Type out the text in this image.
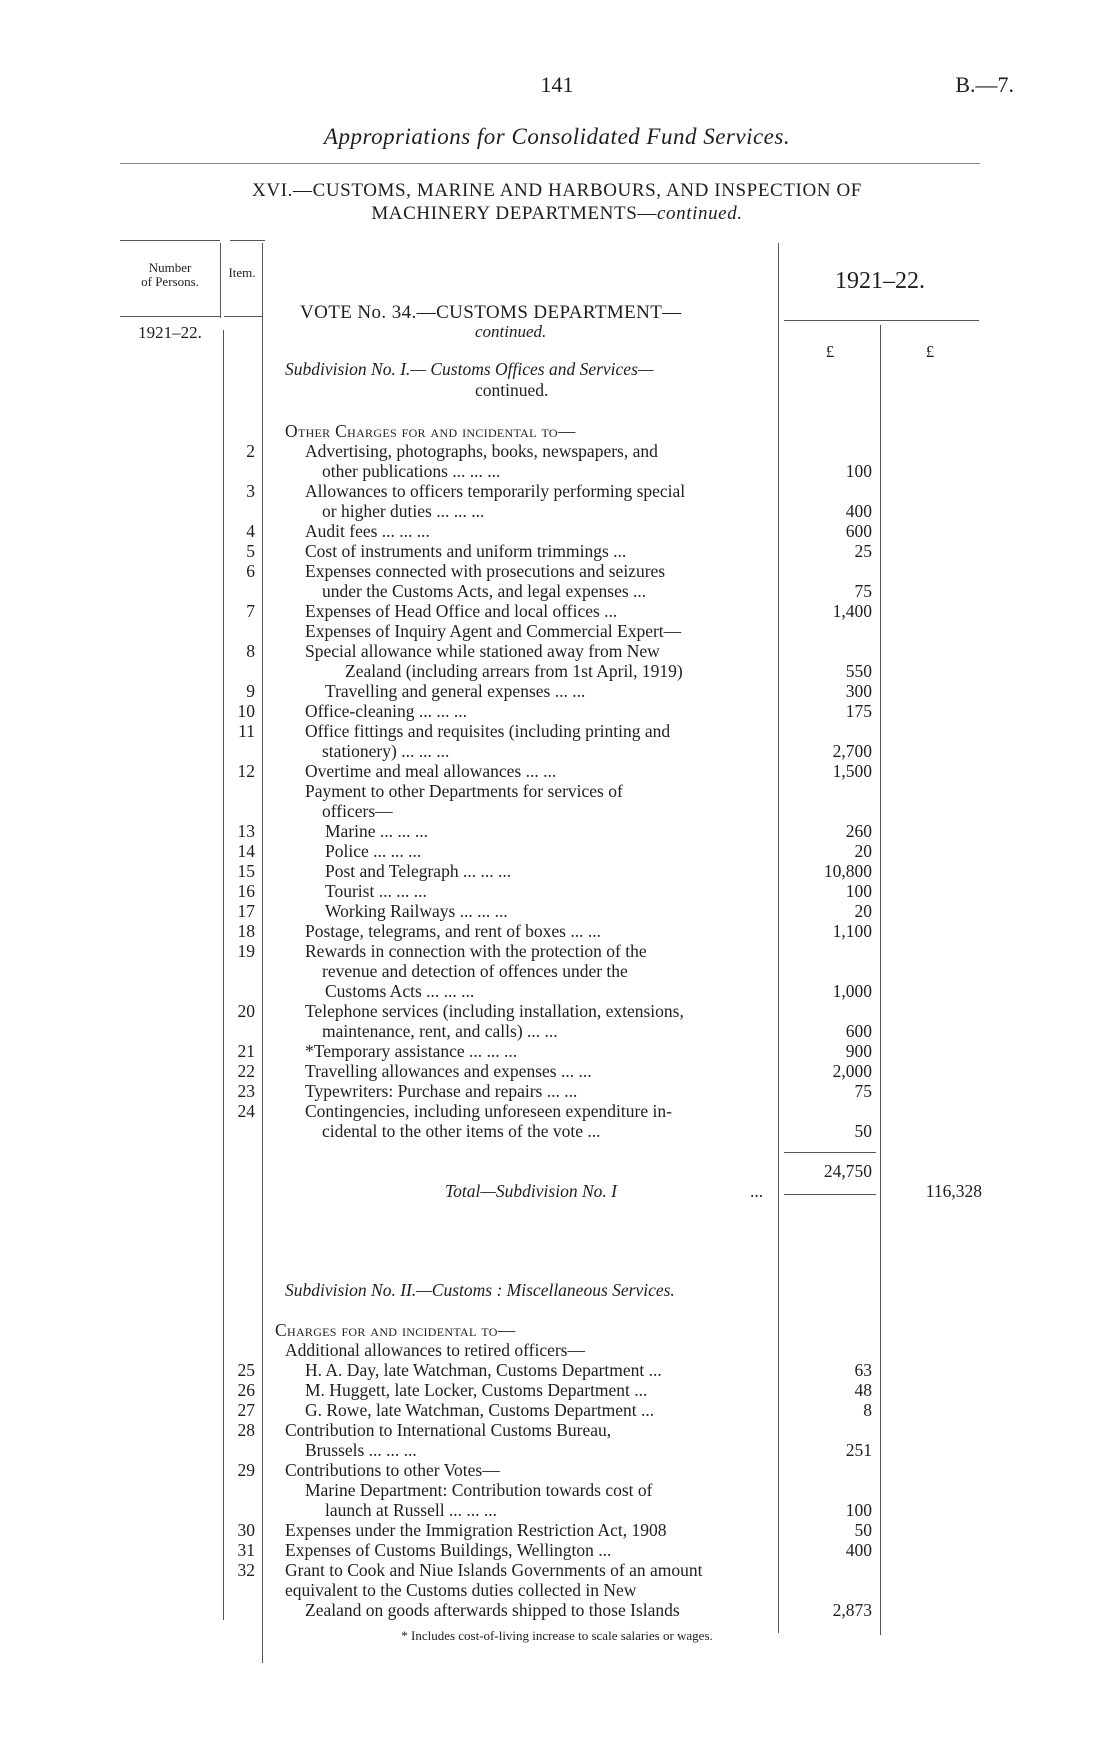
141	B.—7.
Appropriations for Consolidated Fund Services.
XVI.—CUSTOMS, MARINE AND HARBOURS, AND INSPECTION OF
MACHINERY DEPARTMENTS—continued.
Number
of Persons.
Item.	1921–22.
1921–22.
£	£
VOTE No. 34.—CUSTOMS DEPARTMENT—
continued.
Subdivision No. I.— Customs Offices and Services—
continued.
Other Charges for and incidental to—
2	Advertising, photographs, books, newspapers, and
other publications ... ... ...	100
3	Allowances to officers temporarily performing special
or higher duties ... ... ...	400
4	Audit fees ... ... ...	600
5	Cost of instruments and uniform trimmings ...	25
6	Expenses connected with prosecutions and seizures
under the Customs Acts, and legal expenses ...	75
7	Expenses of Head Office and local offices ...	1,400
Expenses of Inquiry Agent and Commercial Expert—
8	Special allowance while stationed away from New
Zealand (including arrears from 1st April, 1919)	550
9	Travelling and general expenses ... ...	300
10	Office-cleaning ... ... ...	175
11	Office fittings and requisites (including printing and
stationery) ... ... ...	2,700
12	Overtime and meal allowances ... ...	1,500
Payment to other Departments for services of
officers—
13	Marine ... ... ...	260
14	Police ... ... ...	20
15	Post and Telegraph ... ... ...	10,800
16	Tourist ... ... ...	100
17	Working Railways ... ... ...	20
18	Postage, telegrams, and rent of boxes ... ...	1,100
19	Rewards in connection with the protection of the
revenue and detection of offences under the
Customs Acts ... ... ...	1,000
20	Telephone services (including installation, extensions,
maintenance, rent, and calls) ... ...	600
21	*Temporary assistance ... ... ...	900
22	Travelling allowances and expenses ... ...	2,000
23	Typewriters: Purchase and repairs ... ...	75
24	Contingencies, including unforeseen expenditure in-
cidental to the other items of the vote ...	50
24,750
Total—Subdivision No. I	...	116,328
Subdivision No. II.—Customs : Miscellaneous Services.
Charges for and incidental to—
Additional allowances to retired officers—
25	H. A. Day, late Watchman, Customs Department ...	63
26	M. Huggett, late Locker, Customs Department ...	48
27	G. Rowe, late Watchman, Customs Department ...	8
28 Contribution to International Customs Bureau,
Brussels ... ... ...	251
29 Contributions to other Votes—
Marine Department: Contribution towards cost of
launch at Russell ... ... ...	100
30 Expenses under the Immigration Restriction Act, 1908	50
31 Expenses of Customs Buildings, Wellington ...	400
32 Grant to Cook and Niue Islands Governments of an amount
equivalent to the Customs duties collected in New
Zealand on goods afterwards shipped to those Islands	2,873
* Includes cost-of-living increase to scale salaries or wages.
